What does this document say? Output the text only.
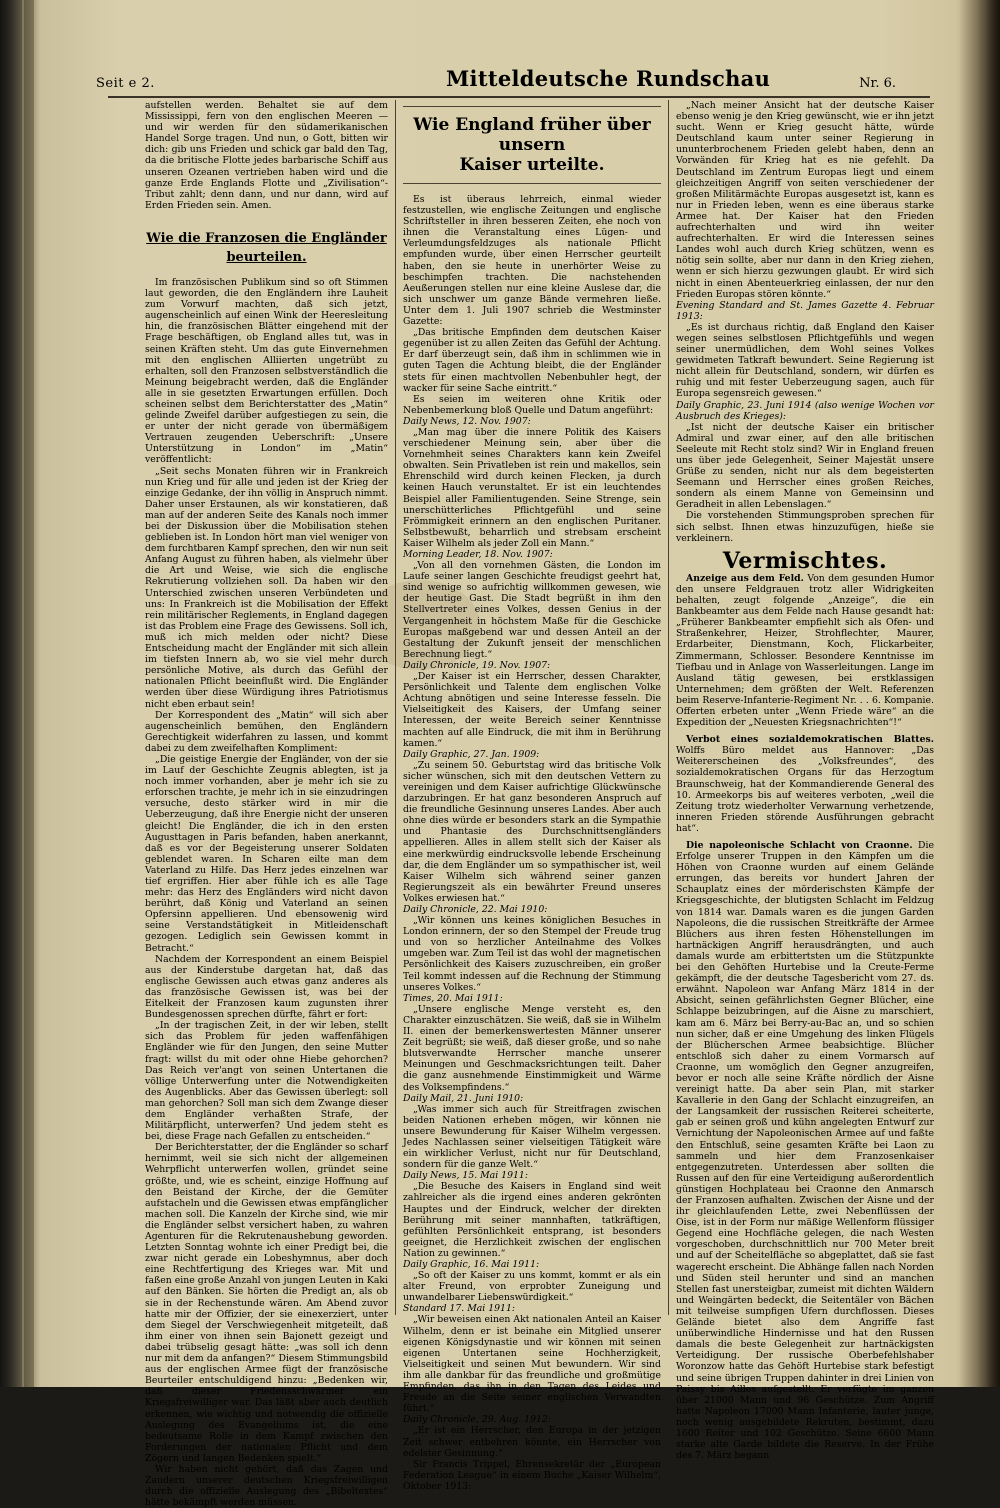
Seit e 2.	Mitteldeutsche Rundschau	Nr. 6.

aufstellen werden. Behaltet sie auf dem Mississippi, fern von den englischen Meeren — und wir werden für den südamerikanischen Handel Sorge tragen. Und nun, o Gott, bitten wir dich: gib uns Frieden und schick gar bald den Tag, da die britische Flotte jedes barbarische Schiff aus unseren Ozeanen vertrieben haben wird und die ganze Erde Englands Flotte und „Zivilisation“-Tribut zahlt; denn dann, und nur dann, wird auf Erden Frieden sein. Amen.

Wie die Franzosen die Engländer
beurteilen.

Im französischen Publikum sind so oft Stimmen laut geworden, die den Engländern ihre Lauheit zum Vorwurf machten, daß sich jetzt, augenscheinlich auf einen Wink der Heeresleitung hin, die französischen Blätter eingehend mit der Frage beschäftigen, ob England alles tut, was in seinen Kräften steht. Um das gute Einvernehmen mit den englischen Alliierten ungetrübt zu erhalten, soll den Franzosen selbstverständlich die Meinung beigebracht werden, daß die Engländer alle in sie gesetzten Erwartungen erfüllen. Doch scheinen selbst dem Berichterstatter des „Matin“ gelinde Zweifel darüber aufgestiegen zu sein, die er unter der nicht gerade von übermäßigem Vertrauen zeugenden Ueberschrift: „Unsere Unterstützung in London“ im „Matin“ veröffentlicht:

„Seit sechs Monaten führen wir in Frankreich nun Krieg und für alle und jeden ist der Krieg der einzige Gedanke, der ihn völlig in Anspruch nimmt. Daher unser Erstaunen, als wir konstatieren, daß man auf der anderen Seite des Kanals noch immer bei der Diskussion über die Mobilisation stehen geblieben ist. In London hört man viel weniger von dem furchtbaren Kampf sprechen, den wir nun seit Anfang August zu führen haben, als vielmehr über die Art und Weise, wie sich die englische Rekrutierung vollziehen soll. Da haben wir den Unterschied zwischen unseren Verbündeten und uns: In Frankreich ist die Mobilisation der Effekt rein militärischer Reglements, in England dagegen ist das Problem eine Frage des Gewissens. Soll ich, muß ich mich melden oder nicht? Diese Entscheidung macht der Engländer mit sich allein im tiefsten Innern ab, wo sie viel mehr durch persönliche Motive, als durch das Gefühl der nationalen Pflicht beeinflußt wird. Die Engländer werden über diese Würdigung ihres Patriotismus nicht eben erbaut sein!

Der Korrespondent des „Matin“ will sich aber augenscheinlich bemühen, den Engländern Gerechtigkeit widerfahren zu lassen, und kommt dabei zu dem zweifelhaften Kompliment:

„Die geistige Energie der Engländer, von der sie im Lauf der Geschichte Zeugnis ablegten, ist ja noch immer vorhanden, aber je mehr ich sie zu erforschen trachte, je mehr ich in sie einzudringen versuche, desto stärker wird in mir die Ueberzeugung, daß ihre Energie nicht der unseren gleicht! Die Engländer, die ich in den ersten Augusttagen in Paris befanden, haben anerkannt, daß es vor der Begeisterung unserer Soldaten geblendet waren. In Scharen eilte man dem Vaterland zu Hilfe. Das Herz jedes einzelnen war tief ergriffen. Hier aber fühle ich es alle Tage mehr: das Herz des Engländers wird nicht davon berührt, daß König und Vaterland an seinen Opfersinn appellieren. Und ebensowenig wird seine Verstandstätigkeit in Mitleidenschaft gezogen. Lediglich sein Gewissen kommt in Betracht.“

Nachdem der Korrespondent an einem Beispiel aus der Kinderstube dargetan hat, daß das englische Gewissen auch etwas ganz anderes als das französische Gewissen ist, was bei der Eitelkeit der Franzosen kaum zugunsten ihrer Bundesgenossen sprechen dürfte, fährt er fort:

„In der tragischen Zeit, in der wir leben, stellt sich das Problem für jeden waffenfähigen Engländer wie für den Jungen, den seine Mutter fragt: willst du mit oder ohne Hiebe gehorchen? Das Reich ver'angt von seinen Untertanen die völlige Unterwerfung unter die Notwendigkeiten des Augenblicks. Aber das Gewissen überlegt: soll man gehorchen? Soll man sich dem Zwange dieser dem Engländer verhaßten Strafe, der Militärpflicht, unterwerfen? Und jedem steht es bei, diese Frage nach Gefallen zu entscheiden.“

Der Berichterstatter, der die Engländer so scharf hernimmt, weil sie sich nicht der allgemeinen Wehrpflicht unterwerfen wollen, gründet seine größte, und, wie es scheint, einzige Hoffnung auf den Beistand der Kirche, der die Gemüter aufstacheln und die Gewissen etwas empfänglicher machen soll. Die Kanzeln der Kirche sind, wie mir die Engländer selbst versichert haben, zu wahren Agenturen für die Rekrutenaushebung geworden. Letzten Sonntag wohnte ich einer Predigt bei, die zwar nicht gerade ein Lobeshymnus, aber doch eine Rechtfertigung des Krieges war. Mit und faßen eine große Anzahl von jungen Leuten in Kaki auf den Bänken. Sie hörten die Predigt an, als ob sie in der Rechenstunde wären. Am Abend zuvor hatte mir der Offizier, der sie einexerziert, unter dem Siegel der Verschwiegenheit mitgeteilt, daß ihm einer von ihnen sein Bajonett gezeigt und dabei trübselig gesagt hätte: „was soll ich denn nur mit dem da anfangen?“ Diesem Stimmungsbild aus der englischen Armee fügt der französische Beurteiler entschuldigend hinzu: „Bedenken wir, daß dieser Friedensschwärmer ein Kriegsfreiwilliger war. Das läßt aber auch deutlich erkennen, wie wichtig und notwendig die offizielle Auslegung des Evangeliums ist, die eine bedeutsame Rolle in dem Kampf zwischen den Forderungen der nationalen Pflicht und dem Zögern und langen Bedenken spielt.“

Wir haben nicht gehört, daß das Zagen und Zaudern unserer deutschen Kriegsfreiwilligen durch die offizielle Auslegung des „Bibeltextes“ hätte bekämpft werden müssen.

Wie England früher über unsern
Kaiser urteilte.

Es ist überaus lehrreich, einmal wieder festzustellen, wie englische Zeitungen und englische Schriftsteller in ihren besseren Zeiten, ehe noch von ihnen die Veranstaltung eines Lügen- und Verleumdungsfeldzuges als nationale Pflicht empfunden wurde, über einen Herrscher geurteilt haben, den sie heute in unerhörter Weise zu beschimpfen trachten. Die nachstehenden Aeußerungen stellen nur eine kleine Auslese dar, die sich unschwer um ganze Bände vermehren ließe. Unter dem 1. Juli 1907 schrieb die Westminster Gazette:

„Das britische Empfinden dem deutschen Kaiser gegenüber ist zu allen Zeiten das Gefühl der Achtung. Er darf überzeugt sein, daß ihm in schlimmen wie in guten Tagen die Achtung bleibt, die der Engländer stets für einen machtvollen Nebenbuhler hegt, der wacker für seine Sache eintritt.“

Es seien im weiteren ohne Kritik oder Nebenbemerkung bloß Quelle und Datum angeführt:

Daily News, 12. Nov. 1907:

„Man mag über die innere Politik des Kaisers verschiedener Meinung sein, aber über die Vornehmheit seines Charakters kann kein Zweifel obwalten. Sein Privatleben ist rein und makellos, sein Ehrenschild wird durch keinen Flecken, ja durch keinen Hauch verunstaltet. Er ist ein leuchtendes Beispiel aller Familientugenden. Seine Strenge, sein unerschütterliches Pflichtgefühl und seine Frömmigkeit erinnern an den englischen Puritaner. Selbstbewußt, beharrlich und strebsam erscheint Kaiser Wilhelm als jeder Zoll ein Mann.“

Morning Leader, 18. Nov. 1907:

„Von all den vornehmen Gästen, die London im Laufe seiner langen Geschichte freudigst geehrt hat, sind wenige so aufrichtig willkommen gewesen, wie der heutige Gast. Die Stadt begrüßt in ihm den Stellvertreter eines Volkes, dessen Genius in der Vergangenheit in höchstem Maße für die Geschicke Europas maßgebend war und dessen Anteil an der Gestaltung der Zukunft jenseit der menschlichen Berechnung liegt.“

Daily Chronicle, 19. Nov. 1907:

„Der Kaiser ist ein Herrscher, dessen Charakter, Persönlichkeit und Talente dem englischen Volke Achtung abnötigen und seine Interesse fesseln. Die Vielseitigkeit des Kaisers, der Umfang seiner Interessen, der weite Bereich seiner Kenntnisse machten auf alle Eindruck, die mit ihm in Berührung kamen.“

Daily Graphic, 27. Jan. 1909:

„Zu seinem 50. Geburtstag wird das britische Volk sicher wünschen, sich mit den deutschen Vettern zu vereinigen und dem Kaiser aufrichtige Glückwünsche darzubringen. Er hat ganz besonderen Anspruch auf die freundliche Gesinnung unseres Landes. Aber auch ohne dies würde er besonders stark an die Sympathie und Phantasie des Durchschnittsengländers appellieren. Alles in allem stellt sich der Kaiser als eine merkwürdig eindrucksvolle lebende Erscheinung dar, die dem Engländer um so sympathischer ist, weil Kaiser Wilhelm sich während seiner ganzen Regierungszeit als ein bewährter Freund unseres Volkes erwiesen hat.“

Daily Chronicle, 22. Mai 1910:

„Wir können uns keines königlichen Besuches in London erinnern, der so den Stempel der Freude trug und von so herzlicher Anteilnahme des Volkes umgeben war. Zum Teil ist das wohl der magnetischen Persönlichkeit des Kaisers zuzuschreiben, ein großer Teil kommt indessen auf die Rechnung der Stimmung unseres Volkes.“

Times, 20. Mai 1911:

„Unsere englische Menge versteht es, den Charakter einzuschätzen. Sie weiß, daß sie in Wilhelm II. einen der bemerkenswertesten Männer unserer Zeit begrüßt; sie weiß, daß dieser große, und so nahe blutsverwandte Herrscher manche unserer Meinungen und Geschmacksrichtungen teilt. Daher die ganz ausnehmende Einstimmigkeit und Wärme des Volksempfindens.“

Daily Mail, 21. Juni 1910:

„Was immer sich auch für Streitfragen zwischen beiden Nationen erheben mögen, wir können nie unsere Bewunderung für Kaiser Wilhelm vergessen. Jedes Nachlassen seiner vielseitigen Tätigkeit wäre ein wirklicher Verlust, nicht nur für Deutschland, sondern für die ganze Welt.“

Daily News, 15. Mai 1911:

„Die Besuche des Kaisers in England sind weit zahlreicher als die irgend eines anderen gekrönten Hauptes und der Eindruck, welcher der direkten Berührung mit seiner mannhaften, tatkräftigen, gefühlten Persönlichkeit entsprang, ist besonders geeignet, die Herzlichkeit zwischen der englischen Nation zu gewinnen.“

Daily Graphic, 16. Mai 1911:

„So oft der Kaiser zu uns kommt, kommt er als ein alter Freund, von erprobter Zuneigung und unwandelbarer Liebenswürdigkeit.“

Standard 17. Mai 1911:

„Wir beweisen einen Akt nationalen Anteil an Kaiser Wilhelm, denn er ist beinahe ein Mitglied unserer eigenen Königsdynastie und wir können mit seinen eigenen Untertanen seine Hochherzigkeit, Vielseitigkeit und seinen Mut bewundern. Wir sind ihm alle dankbar für das freundliche und großmütige Empfinden, das ihn in den Tagen des Leides und Freude an die Seite seiner englischen Verwandten führt.“

Daily Chronicle, 29. Aug. 1912:

„Er ist ein Herrscher, den Europa in der jetzigen Zeit schwer entbehren könnte, ein Herrscher von edelster Gesinnung.“

Sir Francis Trippel, Ehrensekretär der „European Federation League“ in einem Buche „Kaiser Wilhelm“, Oktober 1913:

„Nach meiner Ansicht hat der deutsche Kaiser ebenso wenig je den Krieg gewünscht, wie er ihn jetzt sucht. Wenn er Krieg gesucht hätte, würde Deutschland kaum unter seiner Regierung in ununterbrochenem Frieden gelebt haben, denn an Vorwänden für Krieg hat es nie gefehlt. Da Deutschland im Zentrum Europas liegt und einem gleichzeitigen Angriff von seiten verschiedener der großen Militärmächte Europas ausgesetzt ist, kann es nur in Frieden leben, wenn es eine überaus starke Armee hat. Der Kaiser hat den Frieden aufrechterhalten und wird ihn weiter aufrechterhalten. Er wird die Interessen seines Landes wohl auch durch Krieg schützen, wenn es nötig sein sollte, aber nur dann in den Krieg ziehen, wenn er sich hierzu gezwungen glaubt. Er wird sich nicht in einen Abenteuerkrieg einlassen, der nur den Frieden Europas stören könnte.“

Evening Standard and St. James Gazette 4. Februar 1913:

„Es ist durchaus richtig, daß England den Kaiser wegen seines selbstlosen Pflichtgefühls und wegen seiner unermüdlichen, dem Wohl seines Volkes gewidmeten Tatkraft bewundert. Seine Regierung ist nicht allein für Deutschland, sondern, wir dürfen es ruhig und mit fester Ueberzeugung sagen, auch für Europa segensreich gewesen.“

Daily Graphic, 23. Juni 1914 (also wenige Wochen vor Ausbruch des Krieges):

„Ist nicht der deutsche Kaiser ein britischer Admiral und zwar einer, auf den alle britischen Seeleute mit Recht stolz sind? Wir in England freuen uns über jede Gelegenheit, Seiner Majestät unsere Grüße zu senden, nicht nur als dem begeisterten Seemann und Herrscher eines großen Reiches, sondern als einem Manne von Gemeinsinn und Geradheit in allen Lebenslagen.“

Die vorstehenden Stimmungsproben sprechen für sich selbst. Ihnen etwas hinzuzufügen, hieße sie verkleinern.

Vermischtes.

Anzeige aus dem Feld. Von dem gesunden Humor den unsere Feldgrauen trotz aller Widrigkeiten behalten, zeugt folgende „Anzeige“, die ein Bankbeamter aus dem Felde nach Hause gesandt hat: „Früherer Bankbeamter empfiehlt sich als Ofen- und Straßenkehrer, Heizer, Strohflechter, Maurer, Erdarbeiter, Dienstmann, Koch, Flickarbeiter, Zimmermann, Schlosser. Besondere Kenntnisse im Tiefbau und in Anlage von Wasserleitungen. Lange im Ausland tätig gewesen, bei erstklassigen Unternehmen; dem größten der Welt. Referenzen beim Reserve-Infanterie-Regiment Nr. . . 6. Kompanie. Offerten erbeten unter „Wenn Friede wäre“ an die Expedition der „Neuesten Kriegsnachrichten“!“

Verbot eines sozialdemokratischen Blattes. Wolffs Büro meldet aus Hannover: „Das Weitererscheinen des „Volksfreundes“, des sozialdemokratischen Organs für das Herzogtum Braunschweig, hat der Kommandierende General des 10. Armeekorps bis auf weiteres verboten, „weil die Zeitung trotz wiederholter Verwarnung verhetzende, inneren Frieden störende Ausführungen gebracht hat“.

Die napoleonische Schlacht von Craonne. Die Erfolge unserer Truppen in den Kämpfen um die Höhen von Craonne wurden auf einem Gelände errungen, das bereits vor hundert Jahren der Schauplatz eines der mörderischsten Kämpfe der Kriegsgeschichte, der blutigsten Schlacht im Feldzug von 1814 war. Damals waren es die jungen Garden Napoleons, die die russischen Streitkräfte der Armee Blüchers aus ihren festen Höhenstellungen im hartnäckigen Angriff herausdrängten, und auch damals wurde am erbittertsten um die Stützpunkte bei den Gehöften Hurtebise und la Creute-Ferme gekämpft, die der deutsche Tagesbericht vom 27. ds. erwähnt. Napoleon war Anfang März 1814 in der Absicht, seinen gefährlichsten Gegner Blücher, eine Schlappe beizubringen, auf die Aisne zu marschiert, kam am 6. März bei Berry-au-Bac an, und so schien nun sicher, daß er eine Umgehung des linken Flügels der Blücherschen Armee beabsichtige. Blücher entschloß sich daher zu einem Vormarsch auf Craonne, um womöglich den Gegner anzugreifen, bevor er noch alle seine Kräfte nördlich der Aisne vereinigt hatte. Da aber sein Plan, mit starker Kavallerie in den Gang der Schlacht einzugreifen, an der Langsamkeit der russischen Reiterei scheiterte, gab er seinen groß und kühn angelegten Entwurf zur Vernichtung der Napoleonischen Armee auf und faßte den Entschluß, seine gesamten Kräfte bei Laon zu sammeln und hier dem Franzosenkaiser entgegenzutreten. Unterdessen aber sollten die Russen auf den für eine Verteidigung außerordentlich günstigen Hochplateau bei Craonne den Anmarsch der Franzosen aufhalten. Zwischen der Aisne und der ihr gleichlaufenden Lette, zwei Nebenflüssen der Oise, ist in der Form nur mäßige Wellenform flüssiger Gegend eine Hochfläche gelegen, die nach Westen vorgeschoben, durchschnittlich nur 700 Meter breit und auf der Scheitelfläche so abgeplattet, daß sie fast wagerecht erscheint. Die Abhänge fallen nach Norden und Süden steil herunter und sind an manchen Stellen fast unersteigbar, zumeist mit dichten Wäldern und Weingärten bedeckt, die Seitentäler von Bächen mit teilweise sumpfigen Ufern durchflossen. Dieses Gelände bietet also dem Angriffe fast unüberwindliche Hindernisse und hat den Russen damals die beste Gelegenheit zur hartnäckigsten Verteidigung. Der russische Oberbefehlshaber Woronzow hatte das Gehöft Hurtebise stark befestigt und seine übrigen Truppen dahinter in drei Linien von Paissy bis Ailles aufgestellt. Er verfügte im ganzen über 21000 Mann und 96 Geschütze. Zum Angriff hatte Napoleon 17000 Mann Infanterie, lauter junge, noch wenig ausgebildete Rekruten, bestimmt, dazu 1600 Reiter und 102 Geschütze. Seine 6600 Mann starke alte Garde bildete die Reserve. In der Frühe des 7. März begann
